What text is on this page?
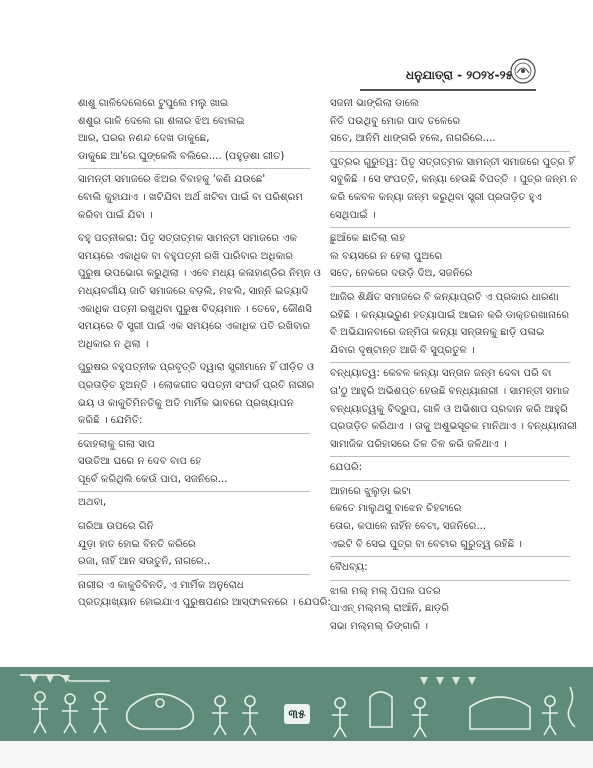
ଧନୁଯାତ୍ରା - ୨୦୨୪-୨୫
ଶାଶୁ ଗାଳିଦେଲେରେ ଟୁପୁଲେ ମଲୁ ଖାଇ
ଶଶୁର ଗାଳି ଦେଲେ ଗା ଶଳାର ଝିଅ ବୋଲଇ
ଆର, ଘରର ନଣନ୍ଦ ଦେଖ ଡାକୁଛେ,
ଡାକୁଛେ ଆ'ରେ ଘୁଙ୍କେଲି ବଲିରେ.... (ପହୁଡ଼ଶା ଗୀତ)
ସାମନ୍ତୀ ସମାଜରେ ଝିଅର ବିବାହକୁ 'କଣି ଯଉଛେ'
ବୋଲି କୁହାଯାଏ । ଖଟିଯିବା ଅର୍ଥ ଖଟିବା ପାଇଁ ବା ପରିଶ୍ରମ
କରିବା ପାଇଁ ଯିବା ।
ବହୁ ପତ୍ନୀକରା: ପିତୃ ସତ୍ତାତ୍ମକ ସାମନ୍ତୀ ସମାଜରେ ଏକ
ସମୟରେ ଏକାଧିକ ବା ବହୁପତ୍ନୀ ରଖି ପାରିବାର ଅଧିକାର
ପୁରୁଷ ଉପଭୋଗ କରୁଥିଲା । ଏବେ ମଧ୍ୟ କଳାହାଣ୍ଡିର ନିମ୍ନ ଓ
ମଧ୍ୟବର୍ଗୀୟ ଜାତି ସମାଜରେ ବଡ଼ଲି, ମଝଲି, ସାନ୍ନି ଇତ୍ୟାଦି
ଏକାଧିକ ପତ୍ନୀ ରଖୁଥିବା ପୁରୁଷ ବିଦ୍ୟମାନ । ତେବେ, କୌଣସି
ସମୟରେ ବି ସ୍ତ୍ରୀ ପାଇଁ ଏକ ସମୟରେ ଏକାଧିକ ପତି ରଖିବାର
ଅଧିକାର ନ ଥିଲା ।
ପୁରୁଷର ବହୁପତ୍ନୀକ ପ୍ରବୃତ୍ତି ଦ୍ୱାରା ସ୍ତ୍ରୀମାନେ ହିଁ ପୀଡ଼ିତ ଓ
ପ୍ରତାଡ଼ିତ ହୁଅନ୍ତି । ଲୋକଗୀତ ସପତ୍ନୀ ସଂପର୍କ ପ୍ରତି ନାରୀର
ଭୟ ଓ କାକୁତିମିନତିକୁ ଅତି ମାର୍ମିକ ଭାବରେ ପ୍ରଖ୍ୟାପନ
କରିଛି । ଯେମିତି:
ଦୋହଲାକୁ ଗଲା ସାପ
ସଉତିଆ ଘରେ ନ ଦେବ ବାପ ହେ
ପୂର୍ବେ କରିଥିଲି କେଉଁ ପାପ, ସଜନିରେ...
ଅଥବା,
ଗରିଆ ଉପରେ ଗିନି
ଯୁଡ଼ା ହାତ ହୋଇ ବିନତି କରିରେ
ରଜା, ନାହିଁ ଆନ ସଉତୁନି, ନାଗରେ..
ନାରୀର ଏ କାକୁତିବିନତି, ଏ ମାର୍ମିକ ଅନୁରୋଧ
ପ୍ରତ୍ୟାଖ୍ୟାନ ହୋଇଯାଏ ପୁରୁଷପଣର ଆସ୍ଫାଳନରେ । ଯେପରି:
ସଜନୀ ଭାଙ୍ଗିଲା ଡାଲେ
ନିତି ପଉଥିବୁ ମୋର ପାଦ ତଳେରେ
ସତେ, ଆନିମି ଧାଙ୍ଗରି ହଲେ, ନାଗରିରେ....
ପୁତ୍ରର ଗୁରୁତ୍ୱ: ପିତୃ ସତ୍ତାତ୍ମକ ସାମନ୍ତୀ ସମାଜରେ ପୁତ୍ର ହିଁ
ସବୁକିଛି । ସେ ସଂପତ୍ତି, କନ୍ୟା ହେଉଛି ବିପତ୍ତି । ପୁତ୍ର ଜନ୍ମ ନ
କରି କେବଳ କନ୍ୟା ଜନ୍ମ କରୁଥିବା ସ୍ତ୍ରୀ ପ୍ରତାଡ଼ିତ ହୁଏ
ସେଥିପାଇଁ ।
ଛୁଆଁକେ ଛାତିଲା ଲହ
ଲ ବୟସରେ ନ ହେଲା ପୁଅରେ
ସତେ, ନେକରେ ଦଉଡ଼ି ଦିଅ, ସଜନିରେ
ଆଜିର ଶିକ୍ଷିତ ସମାଜରେ ବି କନ୍ୟାପ୍ରତି ଏ ପ୍ରକାର ଧାରଣା
ରହିଛି । କନ୍ୟାଭ୍ରୁଣ ହତ୍ୟାପାଇଁ ଆଇନ କରି ଡାକ୍ତରଖାନାରେ
ବି ଅଭିଯାନବାରେ ଜନ୍ମିତା କନ୍ୟା ସନ୍ତାନକୁ ଛାଡ଼ି ପଳାଇ
ଯିବାର ଦୃଷ୍ଟାନ୍ତ ଆଜି ବି ସୁପ୍ରତୁଳ ।
ବନ୍ଧ୍ୟାତ୍ୱ: କେବଳ କନ୍ୟା ସନ୍ତାନ ଜନ୍ମ ଦେବା ପରି ବା
ତା'ଠୁ ଆହୁରି ଅଭିଶପ୍ତ ହେଉଛି ବନ୍ଧ୍ୟାନାରୀ । ସାମନ୍ତୀ ସମାଜ
ବନ୍ଧ୍ୟାତ୍ୱକୁ ବିଦ୍ରୁପ, ଗାଳି ଓ ଅଭିଶାପ ପ୍ରଦାନ କରି ଆହୁରି
ପ୍ରତାଡ଼ିତ କରିଥାଏ । ତାକୁ ଅଶୁଭସୂଚକ ମାନିଥାଏ । ବନ୍ଧ୍ୟାନାରୀ
ସାମାଜିକ ପରିହାସରେ ତିଳ ତିଳ କରି ଜଳିଥାଏ ।
ଯେପରି:
ଆହାରେ ଝୁଲୁଡ଼ା ଇଟା
କେତେ ମାଲୁଥସୁ ବାଝେନ ଚିହଟାରେ
ତୋର, କପାଳେ ନାହିଁନ ବେଟା, ସଜନିରେ...
ଏଇଟି ବି ସେଇ ପୁତ୍ର ବା ବେଟାର ଗୁରୁତ୍ୱ ରହିଛି ।
ବୈଧବ୍ୟ:
ଝାଲ ମଲ୍ ମଲ୍ ପିପଲ ପତର
ପାଏନ୍ ମଲ୍‌ମଲ୍ ରାଆଁନି, ଛାଡ଼ରି
ସଭା ମଲ୍‌ମଲ୍ ଡିଙ୍ଗାରି ।
୩୫
